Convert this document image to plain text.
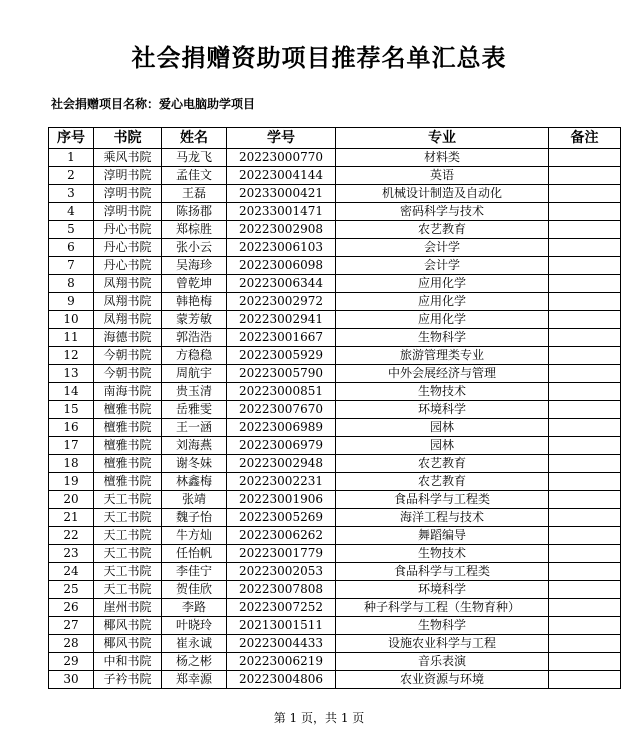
社会捐赠资助项目推荐名单汇总表
社会捐赠项目名称：爱心电脑助学项目
序号	书院	姓名	学号	专业	备注
1	乘风书院	马龙飞	20223000770	材料类	
2	淳明书院	孟佳文	20223004144	英语	
3	淳明书院	王磊	20233000421	机械设计制造及自动化	
4	淳明书院	陈扬郡	20233001471	密码科学与技术	
5	丹心书院	郑棕胜	20223002908	农艺教育	
6	丹心书院	张小云	20223006103	会计学	
7	丹心书院	吴海珍	20223006098	会计学	
8	凤翔书院	曾乾坤	20223006344	应用化学	
9	凤翔书院	韩艳梅	20223002972	应用化学	
10	凤翔书院	蒙芳敏	20223002941	应用化学	
11	海德书院	郭浩浩	20223001667	生物科学	
12	今朝书院	方稳稳	20223005929	旅游管理类专业	
13	今朝书院	周航宇	20223005790	中外会展经济与管理	
14	南海书院	贵玉清	20223000851	生物技术	
15	檀雅书院	岳雅雯	20223007670	环境科学	
16	檀雅书院	王一涵	20223006989	园林	
17	檀雅书院	刘海燕	20223006979	园林	
18	檀雅书院	谢冬妹	20223002948	农艺教育	
19	檀雅书院	林鑫梅	20223002231	农艺教育	
20	天工书院	张靖	20223001906	食品科学与工程类	
21	天工书院	魏子怡	20223005269	海洋工程与技术	
22	天工书院	牛方灿	20223006262	舞蹈编导	
23	天工书院	任怡帆	20223001779	生物技术	
24	天工书院	李佳宁	20223002053	食品科学与工程类	
25	天工书院	贺佳欣	20223007808	环境科学	
26	崖州书院	李路	20223007252	种子科学与工程（生物育种）	
27	椰风书院	叶晓玲	20213001511	生物科学	
28	椰风书院	崔永诚	20223004433	设施农业科学与工程	
29	中和书院	杨之彬	20223006219	音乐表演	
30	子衿书院	郑幸源	20223004806	农业资源与环境	
第 1 页，共 1 页
